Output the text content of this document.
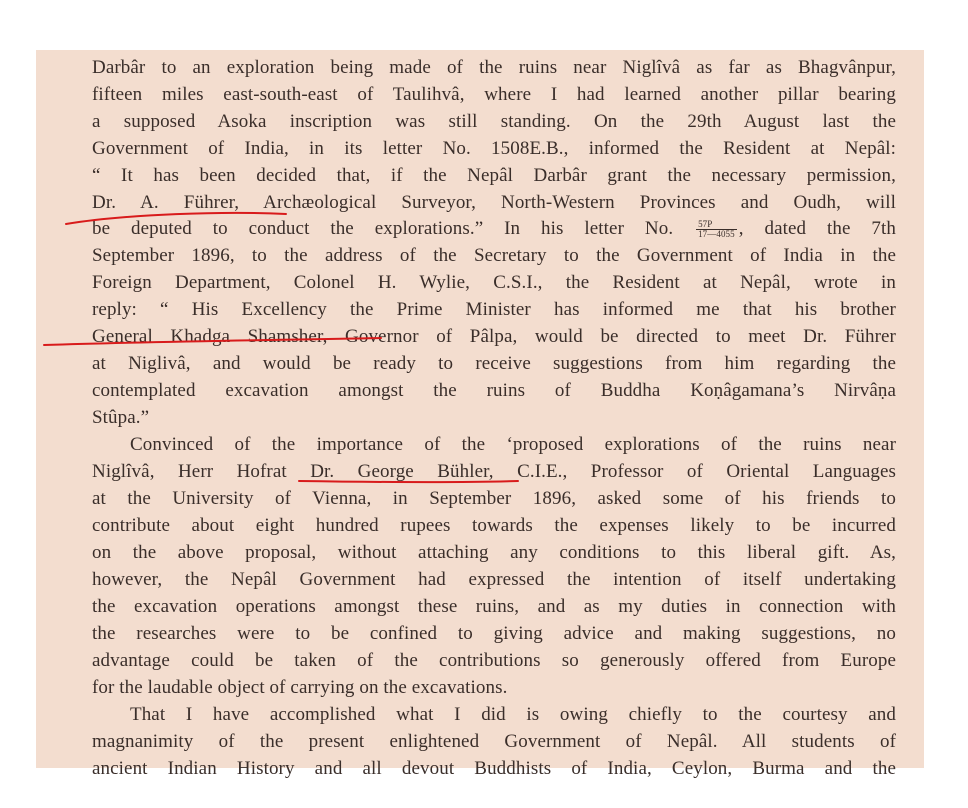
Darbâr to an exploration being made of the ruins near Niglîvâ as far as Bhagvânpur,
fifteen miles east-south-east of Taulihvâ, where I had learned another pillar bearing
a supposed Asoka inscription was still standing. On the 29th August last the
Government of India, in its letter No. 1508E.B., informed the Resident at Nepâl:
“ It has been decided that, if the Nepâl Darbâr grant the necessary permission,
Dr. A. Führer, Archæological Surveyor, North-Western Provinces and Oudh, will
be deputed to conduct the explorations.” In his letter No.	$\frac{57P}{17—4055}$ , dated the 7th
September 1896, to the address of the Secretary to the Government of India in the
Foreign Department, Colonel H. Wylie, C.S.I., the Resident at Nepâl, wrote in
reply: “ His Excellency the Prime Minister has informed me that his brother
General Khadga Shamsher, Governor of Pâlpa, would be directed to meet Dr. Führer
at Niglivâ, and would be ready to receive suggestions from him regarding the
contemplated excavation amongst the ruins of Buddha Koṇâgamana’s Nirvâṇa
Stûpa.”
Convinced of the importance of the ‘proposed explorations of the ruins near
Niglîvâ, Herr Hofrat Dr. George Bühler, C.I.E., Professor of Oriental Languages
at the University of Vienna, in September 1896, asked some of his friends to
contribute about eight hundred rupees towards the expenses likely to be incurred
on the above proposal, without attaching any conditions to this liberal gift. As,
however, the Nepâl Government had expressed the intention of itself undertaking
the excavation operations amongst these ruins, and as my duties in connection with
the researches were to be confined to giving advice and making suggestions, no
advantage could be taken of the contributions so generously offered from Europe
for the laudable object of carrying on the excavations.
That I have accomplished what I did is owing chiefly to the courtesy and
magnanimity of the present enlightened Government of Nepâl. All students of
ancient Indian History and all devout Buddhists of India, Ceylon, Burma and the
